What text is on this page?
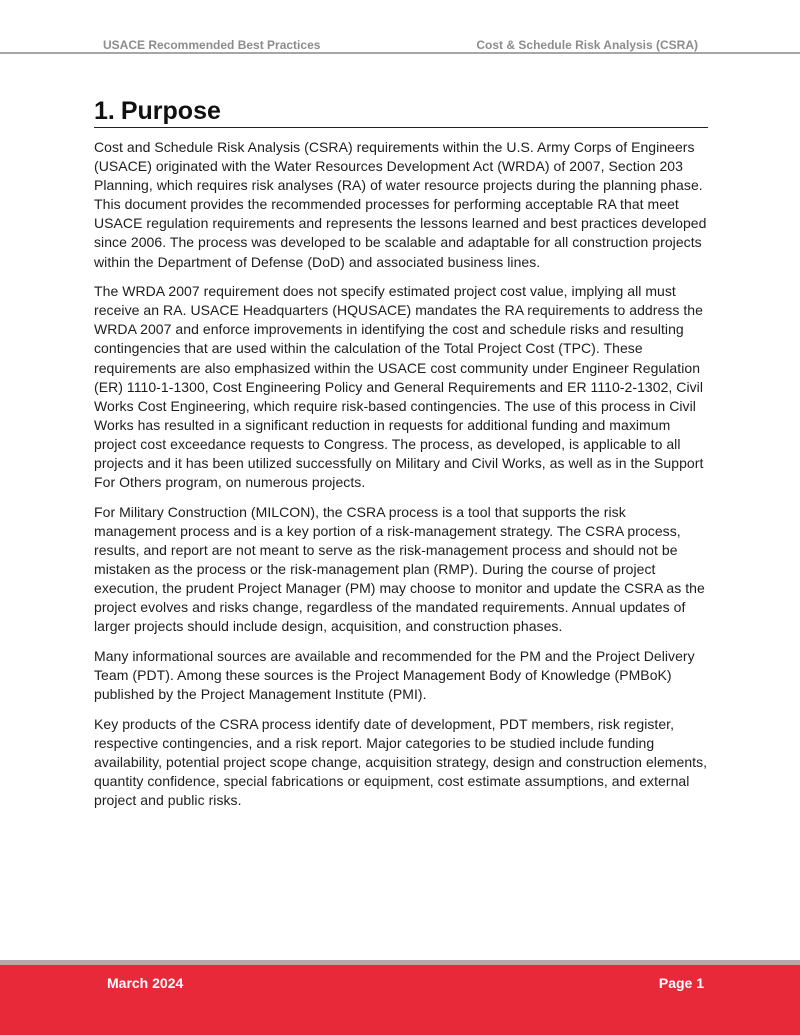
USACE Recommended Best Practices	Cost & Schedule Risk Analysis (CSRA)
1. Purpose

Cost and Schedule Risk Analysis (CSRA) requirements within the U.S. Army Corps of Engineers (USACE) originated with the Water Resources Development Act (WRDA) of 2007, Section 203 Planning, which requires risk analyses (RA) of water resource projects during the planning phase. This document provides the recommended processes for performing acceptable RA that meet USACE regulation requirements and represents the lessons learned and best practices developed since 2006. The process was developed to be scalable and adaptable for all construction projects within the Department of Defense (DoD) and associated business lines.

The WRDA 2007 requirement does not specify estimated project cost value, implying all must receive an RA. USACE Headquarters (HQUSACE) mandates the RA requirements to address the WRDA 2007 and enforce improvements in identifying the cost and schedule risks and resulting contingencies that are used within the calculation of the Total Project Cost (TPC). These requirements are also emphasized within the USACE cost community under Engineer Regulation (ER) 1110-1-1300, Cost Engineering Policy and General Requirements and ER 1110-2-1302, Civil Works Cost Engineering, which require risk-based contingencies. The use of this process in Civil Works has resulted in a significant reduction in requests for additional funding and maximum project cost exceedance requests to Congress. The process, as developed, is applicable to all projects and it has been utilized successfully on Military and Civil Works, as well as in the Support For Others program, on numerous projects.

For Military Construction (MILCON), the CSRA process is a tool that supports the risk management process and is a key portion of a risk-management strategy. The CSRA process, results, and report are not meant to serve as the risk-management process and should not be mistaken as the process or the risk-management plan (RMP). During the course of project execution, the prudent Project Manager (PM) may choose to monitor and update the CSRA as the project evolves and risks change, regardless of the mandated requirements. Annual updates of larger projects should include design, acquisition, and construction phases.

Many informational sources are available and recommended for the PM and the Project Delivery Team (PDT). Among these sources is the Project Management Body of Knowledge (PMBoK) published by the Project Management Institute (PMI).

Key products of the CSRA process identify date of development, PDT members, risk register, respective contingencies, and a risk report. Major categories to be studied include funding availability, potential project scope change, acquisition strategy, design and construction elements, quantity confidence, special fabrications or equipment, cost estimate assumptions, and external project and public risks.

March 2024	Page 1
